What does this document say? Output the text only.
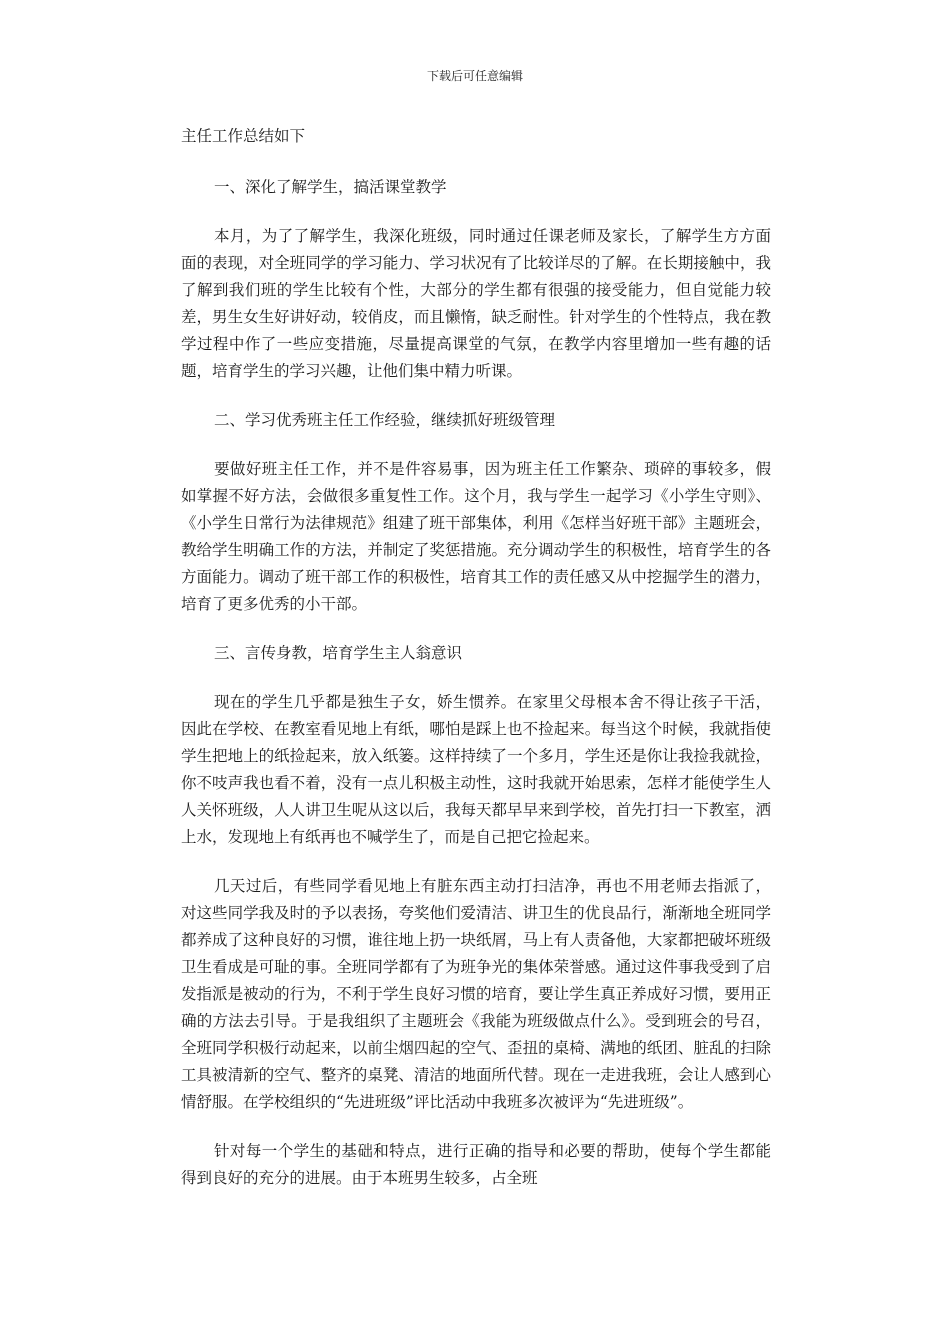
下载后可任意编辑
主任工作总结如下
一、深化了解学生，搞活课堂教学
本月，为了了解学生，我深化班级，同时通过任课老师及家长，了解学生方方面面的表现，对全班同学的学习能力、学习状况有了比较详尽的了解。在长期接触中，我了解到我们班的学生比较有个性，大部分的学生都有很强的接受能力，但自觉能力较差，男生女生好讲好动，较俏皮，而且懒惰，缺乏耐性。针对学生的个性特点，我在教学过程中作了一些应变措施，尽量提高课堂的气氛，在教学内容里增加一些有趣的话题，培育学生的学习兴趣，让他们集中精力听课。
二、学习优秀班主任工作经验，继续抓好班级管理
要做好班主任工作，并不是件容易事，因为班主任工作繁杂、琐碎的事较多，假如掌握不好方法，会做很多重复性工作。这个月，我与学生一起学习《小学生守则》、《小学生日常行为法律规范》组建了班干部集体，利用《怎样当好班干部》主题班会，教给学生明确工作的方法，并制定了奖惩措施。充分调动学生的积极性，培育学生的各方面能力。调动了班干部工作的积极性，培育其工作的责任感又从中挖掘学生的潜力，培育了更多优秀的小干部。
三、言传身教，培育学生主人翁意识
现在的学生几乎都是独生子女，娇生惯养。在家里父母根本舍不得让孩子干活，因此在学校、在教室看见地上有纸，哪怕是踩上也不捡起来。每当这个时候，我就指使学生把地上的纸捡起来，放入纸篓。这样持续了一个多月，学生还是你让我捡我就捡，你不吱声我也看不着，没有一点儿积极主动性，这时我就开始思索，怎样才能使学生人人关怀班级，人人讲卫生呢从这以后，我每天都早早来到学校，首先打扫一下教室，洒上水，发现地上有纸再也不喊学生了，而是自己把它捡起来。
几天过后，有些同学看见地上有脏东西主动打扫洁净，再也不用老师去指派了，对这些同学我及时的予以表扬，夸奖他们爱清洁、讲卫生的优良品行，渐渐地全班同学都养成了这种良好的习惯，谁往地上扔一块纸屑，马上有人责备他，大家都把破坏班级卫生看成是可耻的事。全班同学都有了为班争光的集体荣誉感。通过这件事我受到了启发指派是被动的行为，不利于学生良好习惯的培育，要让学生真正养成好习惯，要用正确的方法去引导。于是我组织了主题班会《我能为班级做点什么》。受到班会的号召，全班同学积极行动起来，以前尘烟四起的空气、歪扭的桌椅、满地的纸团、脏乱的扫除工具被清新的空气、整齐的桌凳、清洁的地面所代替。现在一走进我班，会让人感到心情舒服。在学校组织的“先进班级”评比活动中我班多次被评为“先进班级”。
针对每一个学生的基础和特点，进行正确的指导和必要的帮助，使每个学生都能得到良好的充分的进展。由于本班男生较多，占全班
